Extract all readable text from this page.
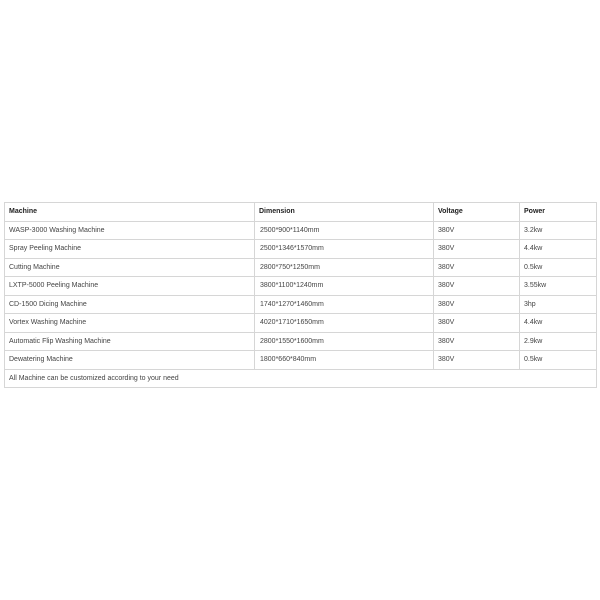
Machine	Dimension	Voltage	Power
WASP-3000 Washing Machine	2500*900*1140mm	380V	3.2kw
Spray Peeling Machine	2500*1346*1570mm	380V	4.4kw
Cutting Machine	2800*750*1250mm	380V	0.5kw
LXTP-5000 Peeling Machine	3800*1100*1240mm	380V	3.55kw
CD-1500 Dicing Machine	1740*1270*1460mm	380V	3hp
Vortex Washing Machine	4020*1710*1650mm	380V	4.4kw
Automatic Flip Washing Machine	2800*1550*1600mm	380V	2.9kw
Dewatering Machine	1800*660*840mm	380V	0.5kw
All Machine can be customized according to your need			
